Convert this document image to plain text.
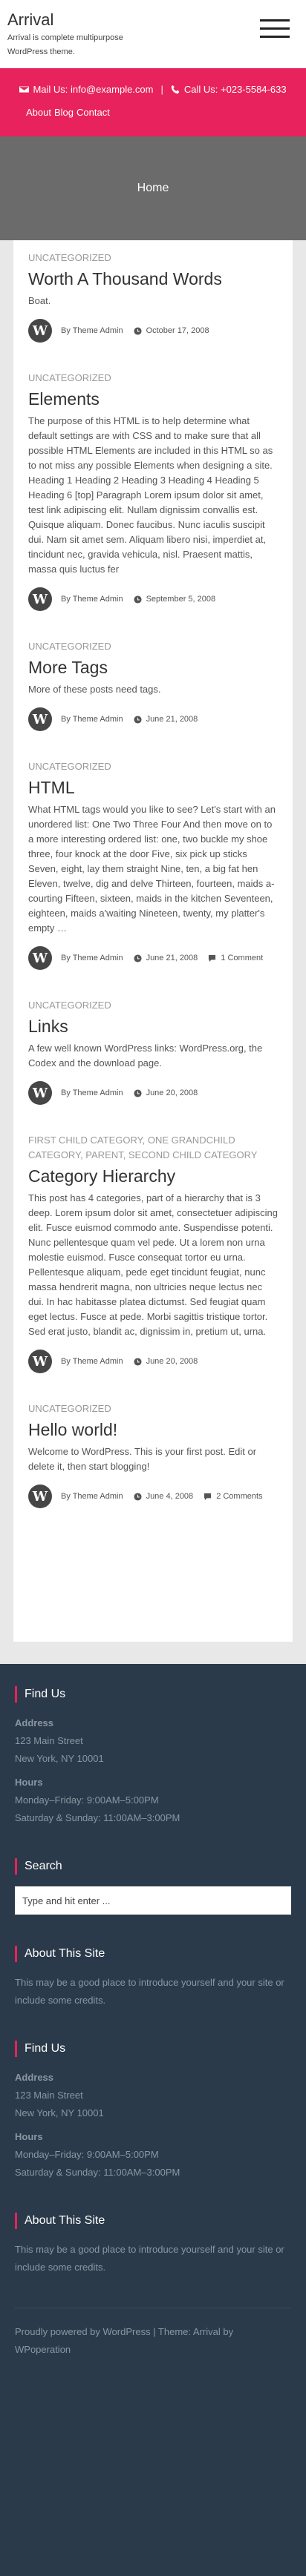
Arrival
Arrival is complete multipurpose WordPress theme.
Mail Us: info@example.com | Call Us: +023-5584-633
About Blog Contact
Home
UNCATEGORIZED
Worth A Thousand Words
Boat.
W By Theme Admin	October 17, 2008
UNCATEGORIZED
Elements
The purpose of this HTML is to help determine what default settings are with CSS and to make sure that all possible HTML Elements are included in this HTML so as to not miss any possible Elements when designing a site. Heading 1 Heading 2 Heading 3 Heading 4 Heading 5 Heading 6 [top] Paragraph Lorem ipsum dolor sit amet, test link adipiscing elit. Nullam dignissim convallis est. Quisque aliquam. Donec faucibus. Nunc iaculis suscipit dui. Nam sit amet sem. Aliquam libero nisi, imperdiet at, tincidunt nec, gravida vehicula, nisl. Praesent mattis, massa quis luctus fer
W By Theme Admin	September 5, 2008
UNCATEGORIZED
More Tags
More of these posts need tags.
W By Theme Admin	June 21, 2008
UNCATEGORIZED
HTML
What HTML tags would you like to see? Let's start with an unordered list: One Two Three Four And then move on to a more interesting ordered list: one, two buckle my shoe three, four knock at the door Five, six pick up sticks Seven, eight, lay them straight Nine, ten, a big fat hen Eleven, twelve, dig and delve Thirteen, fourteen, maids a-courting Fifteen, sixteen, maids in the kitchen Seventeen, eighteen, maids a'waiting Nineteen, twenty, my platter's empty …
W By Theme Admin	June 21, 2008	1 Comment
UNCATEGORIZED
Links
A few well known WordPress links: WordPress.org, the Codex and the download page.
W By Theme Admin	June 20, 2008
FIRST CHILD CATEGORY, ONE GRANDCHILD CATEGORY, PARENT, SECOND CHILD CATEGORY
Category Hierarchy
This post has 4 categories, part of a hierarchy that is 3 deep. Lorem ipsum dolor sit amet, consectetuer adipiscing elit. Fusce euismod commodo ante. Suspendisse potenti. Nunc pellentesque quam vel pede. Ut a lorem non urna molestie euismod. Fusce consequat tortor eu urna. Pellentesque aliquam, pede eget tincidunt feugiat, nunc massa hendrerit magna, non ultricies neque lectus nec dui. In hac habitasse platea dictumst. Sed feugiat quam eget lectus. Fusce at pede. Morbi sagittis tristique tortor. Sed erat justo, blandit ac, dignissim in, pretium ut, urna.
W By Theme Admin	June 20, 2008
UNCATEGORIZED
Hello world!
Welcome to WordPress. This is your first post. Edit or delete it, then start blogging!
W By Theme Admin	June 4, 2008	2 Comments
Find Us

Address
123 Main Street
New York, NY 10001

Hours
Monday–Friday: 9:00AM–5:00PM
Saturday & Sunday: 11:00AM–3:00PM

Search
Type and hit enter ...
About This Site

This may be a good place to introduce yourself and your site or include some credits.

Find Us

Address
123 Main Street
New York, NY 10001

Hours
Monday–Friday: 9:00AM–5:00PM
Saturday & Sunday: 11:00AM–3:00PM

About This Site

This may be a good place to introduce yourself and your site or include some credits.

Proudly powered by WordPress | Theme: Arrival by WPoperation
